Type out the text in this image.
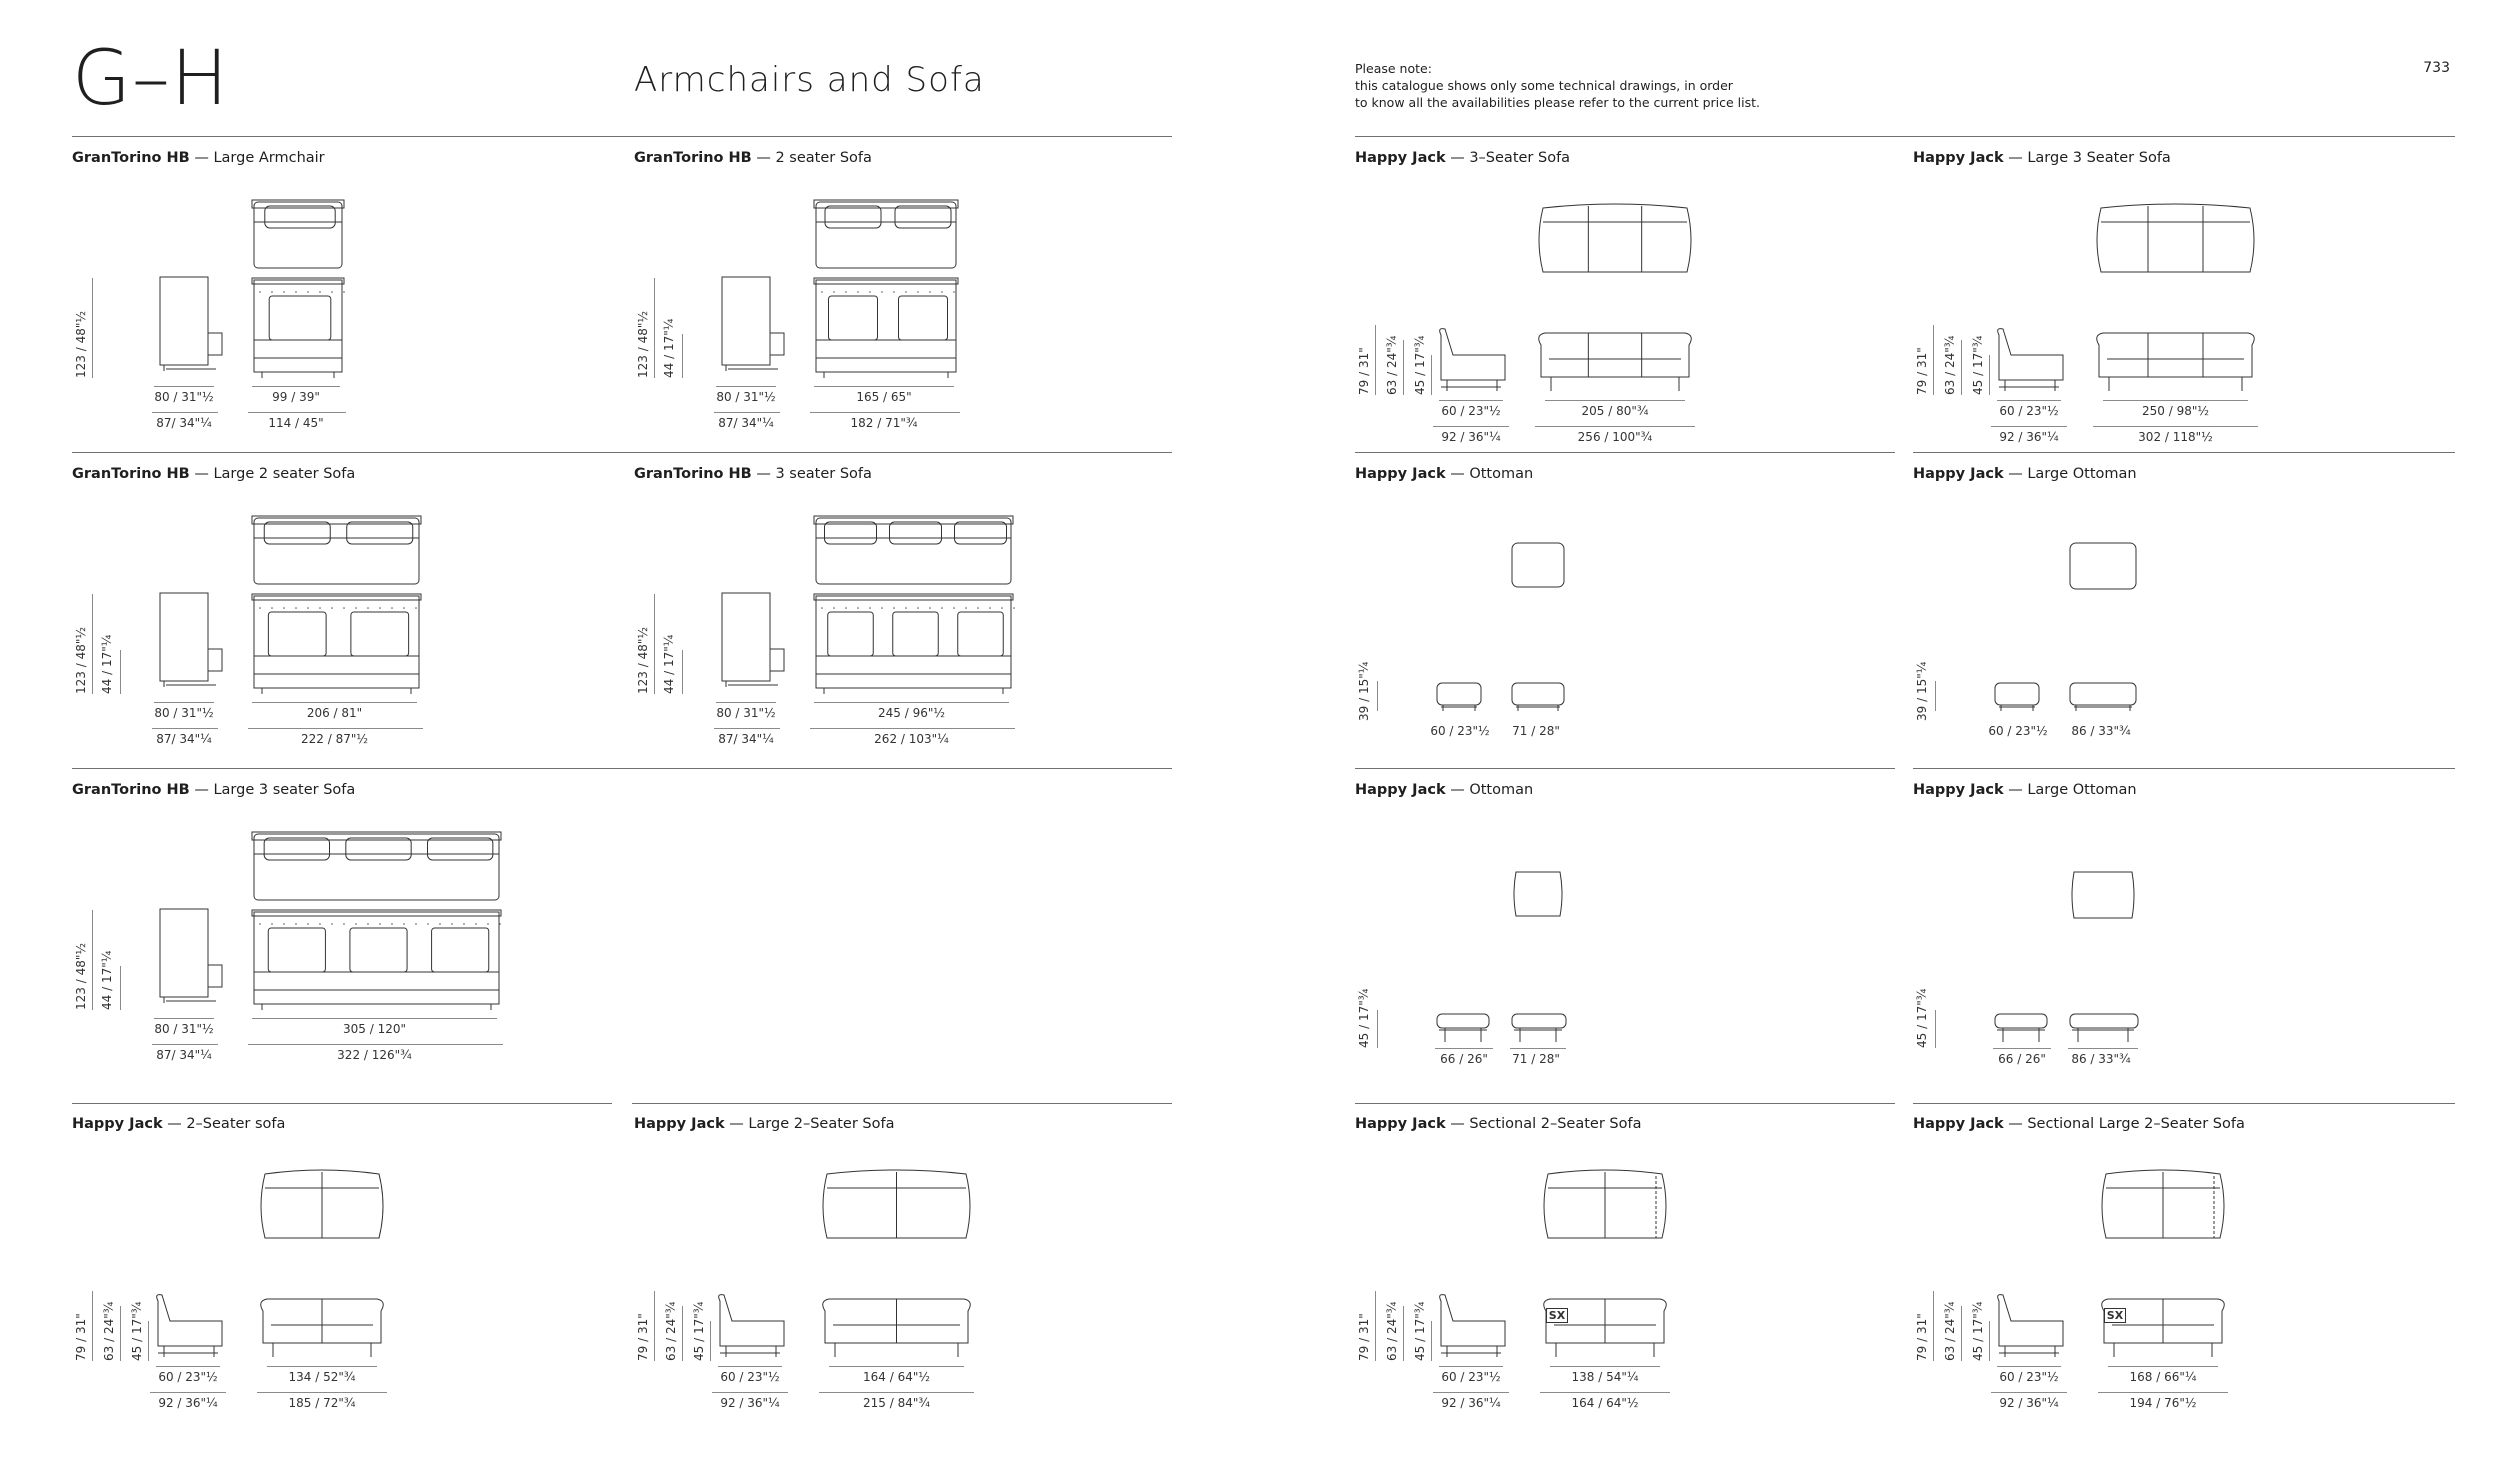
G–H	Armchairs and Sofa	Please note:
this catalogue shows only some technical drawings, in order
to know all the availabilities please refer to the current price list.
733
GranTorino HB — Large Armchair
123 / 48"½
80 / 31"½
87/ 34"¼
99 / 39"
114 / 45"
GranTorino HB — 2 seater Sofa
123 / 48"½ 44 / 17"¼
80 / 31"½
87/ 34"¼
165 / 65"
182 / 71"¾
GranTorino HB — Large 2 seater Sofa
123 / 48"½ 44 / 17"¼
80 / 31"½
87/ 34"¼
206 / 81"
222 / 87"½
GranTorino HB — 3 seater Sofa
123 / 48"½ 44 / 17"¼
80 / 31"½
87/ 34"¼
245 / 96"½
262 / 103"¼
GranTorino HB — Large 3 seater Sofa
123 / 48"½ 44 / 17"¼
80 / 31"½
87/ 34"¼
305 / 120"
322 / 126"¾
Happy Jack — 2–Seater sofa
79 / 31" 63 / 24"¾ 45 / 17"¾
60 / 23"½
92 / 36"¼
134 / 52"¾
185 / 72"¾
Happy Jack — Large 2–Seater Sofa
79 / 31" 63 / 24"¾ 45 / 17"¾
60 / 23"½
92 / 36"¼
164 / 64"½
215 / 84"¾
Happy Jack — 3–Seater Sofa
79 / 31" 63 / 24"¾ 45 / 17"¾
60 / 23"½
92 / 36"¼
205 / 80"¾
256 / 100"¾
Happy Jack — Large 3 Seater Sofa
79 / 31" 63 / 24"¾ 45 / 17"¾
60 / 23"½
92 / 36"¼
250 / 98"½
302 / 118"½
Happy Jack — Ottoman
39 / 15"¼
60 / 23"½	71 / 28"
Happy Jack — Large Ottoman
39 / 15"¼
60 / 23"½	86 / 33"¾
Happy Jack — Ottoman
45 / 17"¾
66 / 26"	71 / 28"
Happy Jack — Large Ottoman
45 / 17"¾
66 / 26"	86 / 33"¾
Happy Jack — Sectional 2–Seater Sofa
SX
79 / 31" 63 / 24"¾ 45 / 17"¾
60 / 23"½
92 / 36"¼
138 / 54"¼
164 / 64"½
Happy Jack — Sectional Large 2–Seater Sofa
SX
79 / 31" 63 / 24"¾ 45 / 17"¾
60 / 23"½
92 / 36"¼
168 / 66"¼
194 / 76"½
